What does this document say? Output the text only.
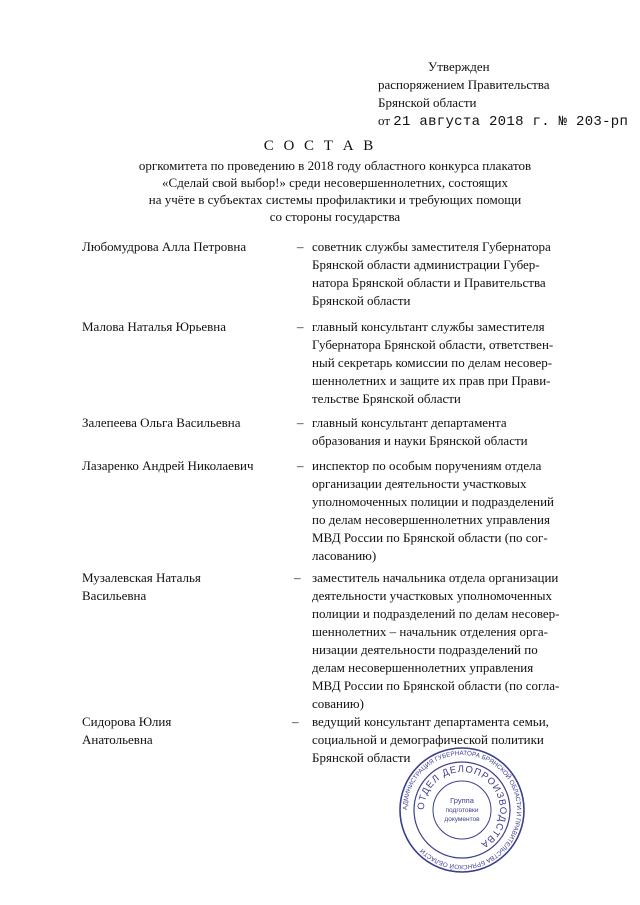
Утвержден
распоряжением Правительства
Брянской области
от 21 августа 2018 г. № 203-рп
С О С Т А В
оргкомитета по проведению в 2018 году областного конкурса плакатов
«Сделай свой выбор!» среди несовершеннолетних, состоящих
на учёте в субъектах системы профилактики и требующих помощи
со стороны государства
Любомудрова Алла Петровна	– советник службы заместителя Губернатора
Брянской области администрации Губер-
натора Брянской области и Правительства
Брянской области
Малова Наталья Юрьевна	– главный консультант службы заместителя
Губернатора Брянской области, ответствен-
ный секретарь комиссии по делам несовер-
шеннолетних и защите их прав при Прави-
тельстве Брянской области
Залепеева Ольга Васильевна	– главный консультант департамента
образования и науки Брянской области
Лазаренко Андрей Николаевич	– инспектор по особым поручениям отдела
организации деятельности участковых
уполномоченных полиции и подразделений
по делам несовершеннолетних управления
МВД России по Брянской области (по сог-
ласованию)
Музалевская Наталья
Васильевна
– заместитель начальника отдела организации
деятельности участковых уполномоченных
полиции и подразделений по делам несовер-
шеннолетних – начальник отделения орга-
низации деятельности подразделений по
делам несовершеннолетних управления
МВД России по Брянской области (по согла-
сованию)
Сидорова Юлия
Анатольевна
– ведущий консультант департамента семьи,
социальной и демографической политики
Брянской области
АДМИНИСТРАЦИЯ ГУБЕРНАТОРА БРЯНСКОЙ ОБЛАСТИ И ПРАВИТЕЛЬСТВА БРЯНСКОЙ ОБЛАСТИ
ОТДЕЛ ДЕЛОПРОИЗВОДСТВА
Группа
подготовки
документов
